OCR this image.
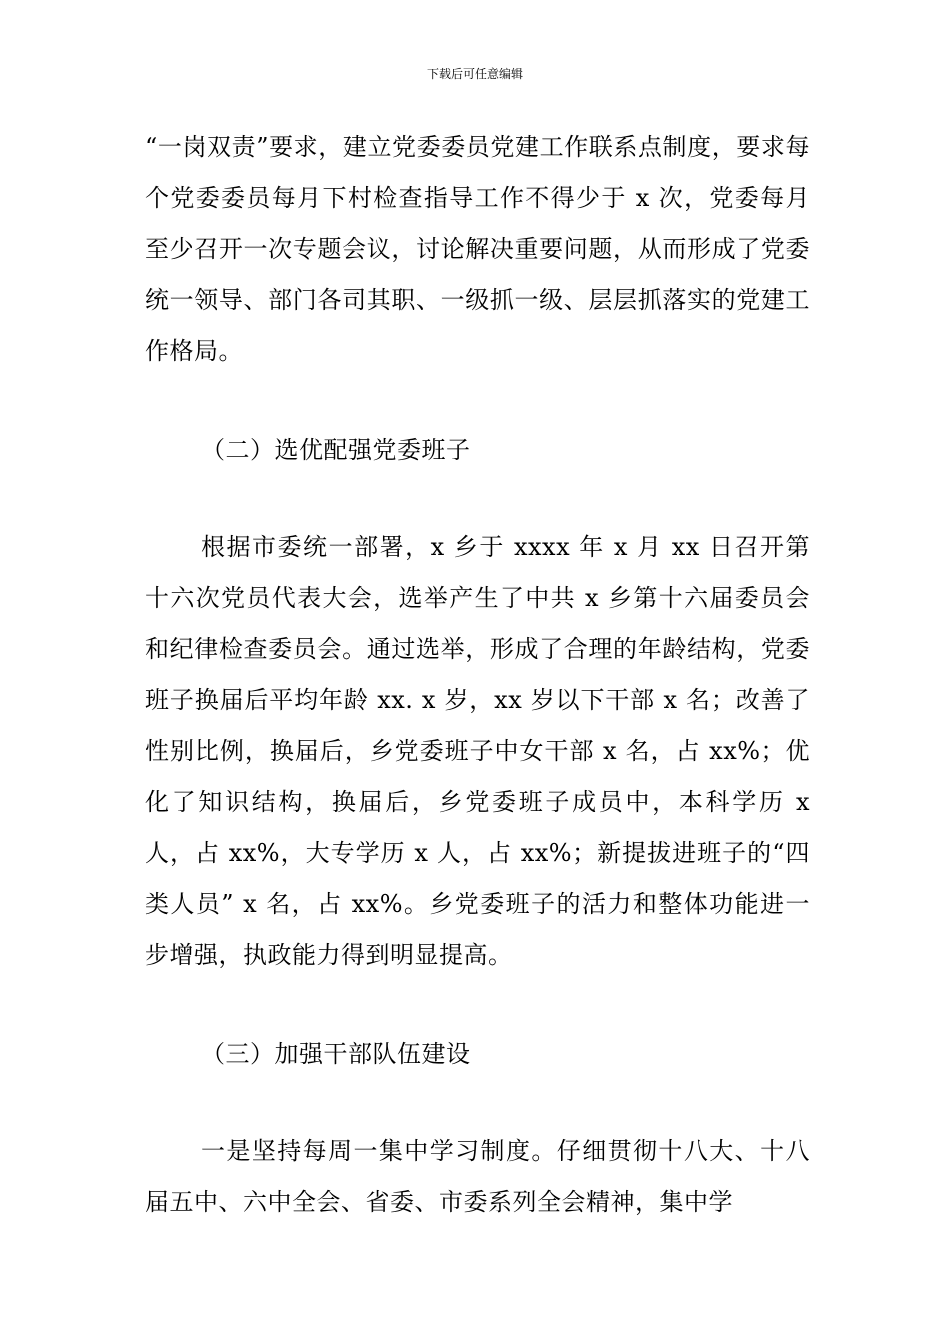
下载后可任意编辑

“一岗双责”要求，建立党委委员党建工作联系点制度，要求每个党委委员每月下村检查指导工作不得少于 x 次，党委每月至少召开一次专题会议，讨论解决重要问题，从而形成了党委统一领导、部门各司其职、一级抓一级、层层抓落实的党建工作格局。

（二）选优配强党委班子

根据市委统一部署，x 乡于 xxxx 年 x 月 xx 日召开第十六次党员代表大会，选举产生了中共 x 乡第十六届委员会和纪律检查委员会。通过选举，形成了合理的年龄结构，党委班子换届后平均年龄 xx. x 岁，xx 岁以下干部 x 名；改善了性别比例，换届后，乡党委班子中女干部 x 名，占 xx%；优化了知识结构，换届后，乡党委班子成员中，本科学历 x 人，占 xx%，大专学历 x 人，占 xx%；新提拔进班子的“四类人员” x 名，占 xx%。乡党委班子的活力和整体功能进一步增强，执政能力得到明显提高。

（三）加强干部队伍建设

一是坚持每周一集中学习制度。仔细贯彻十八大、十八届五中、六中全会、省委、市委系列全会精神，集中学
